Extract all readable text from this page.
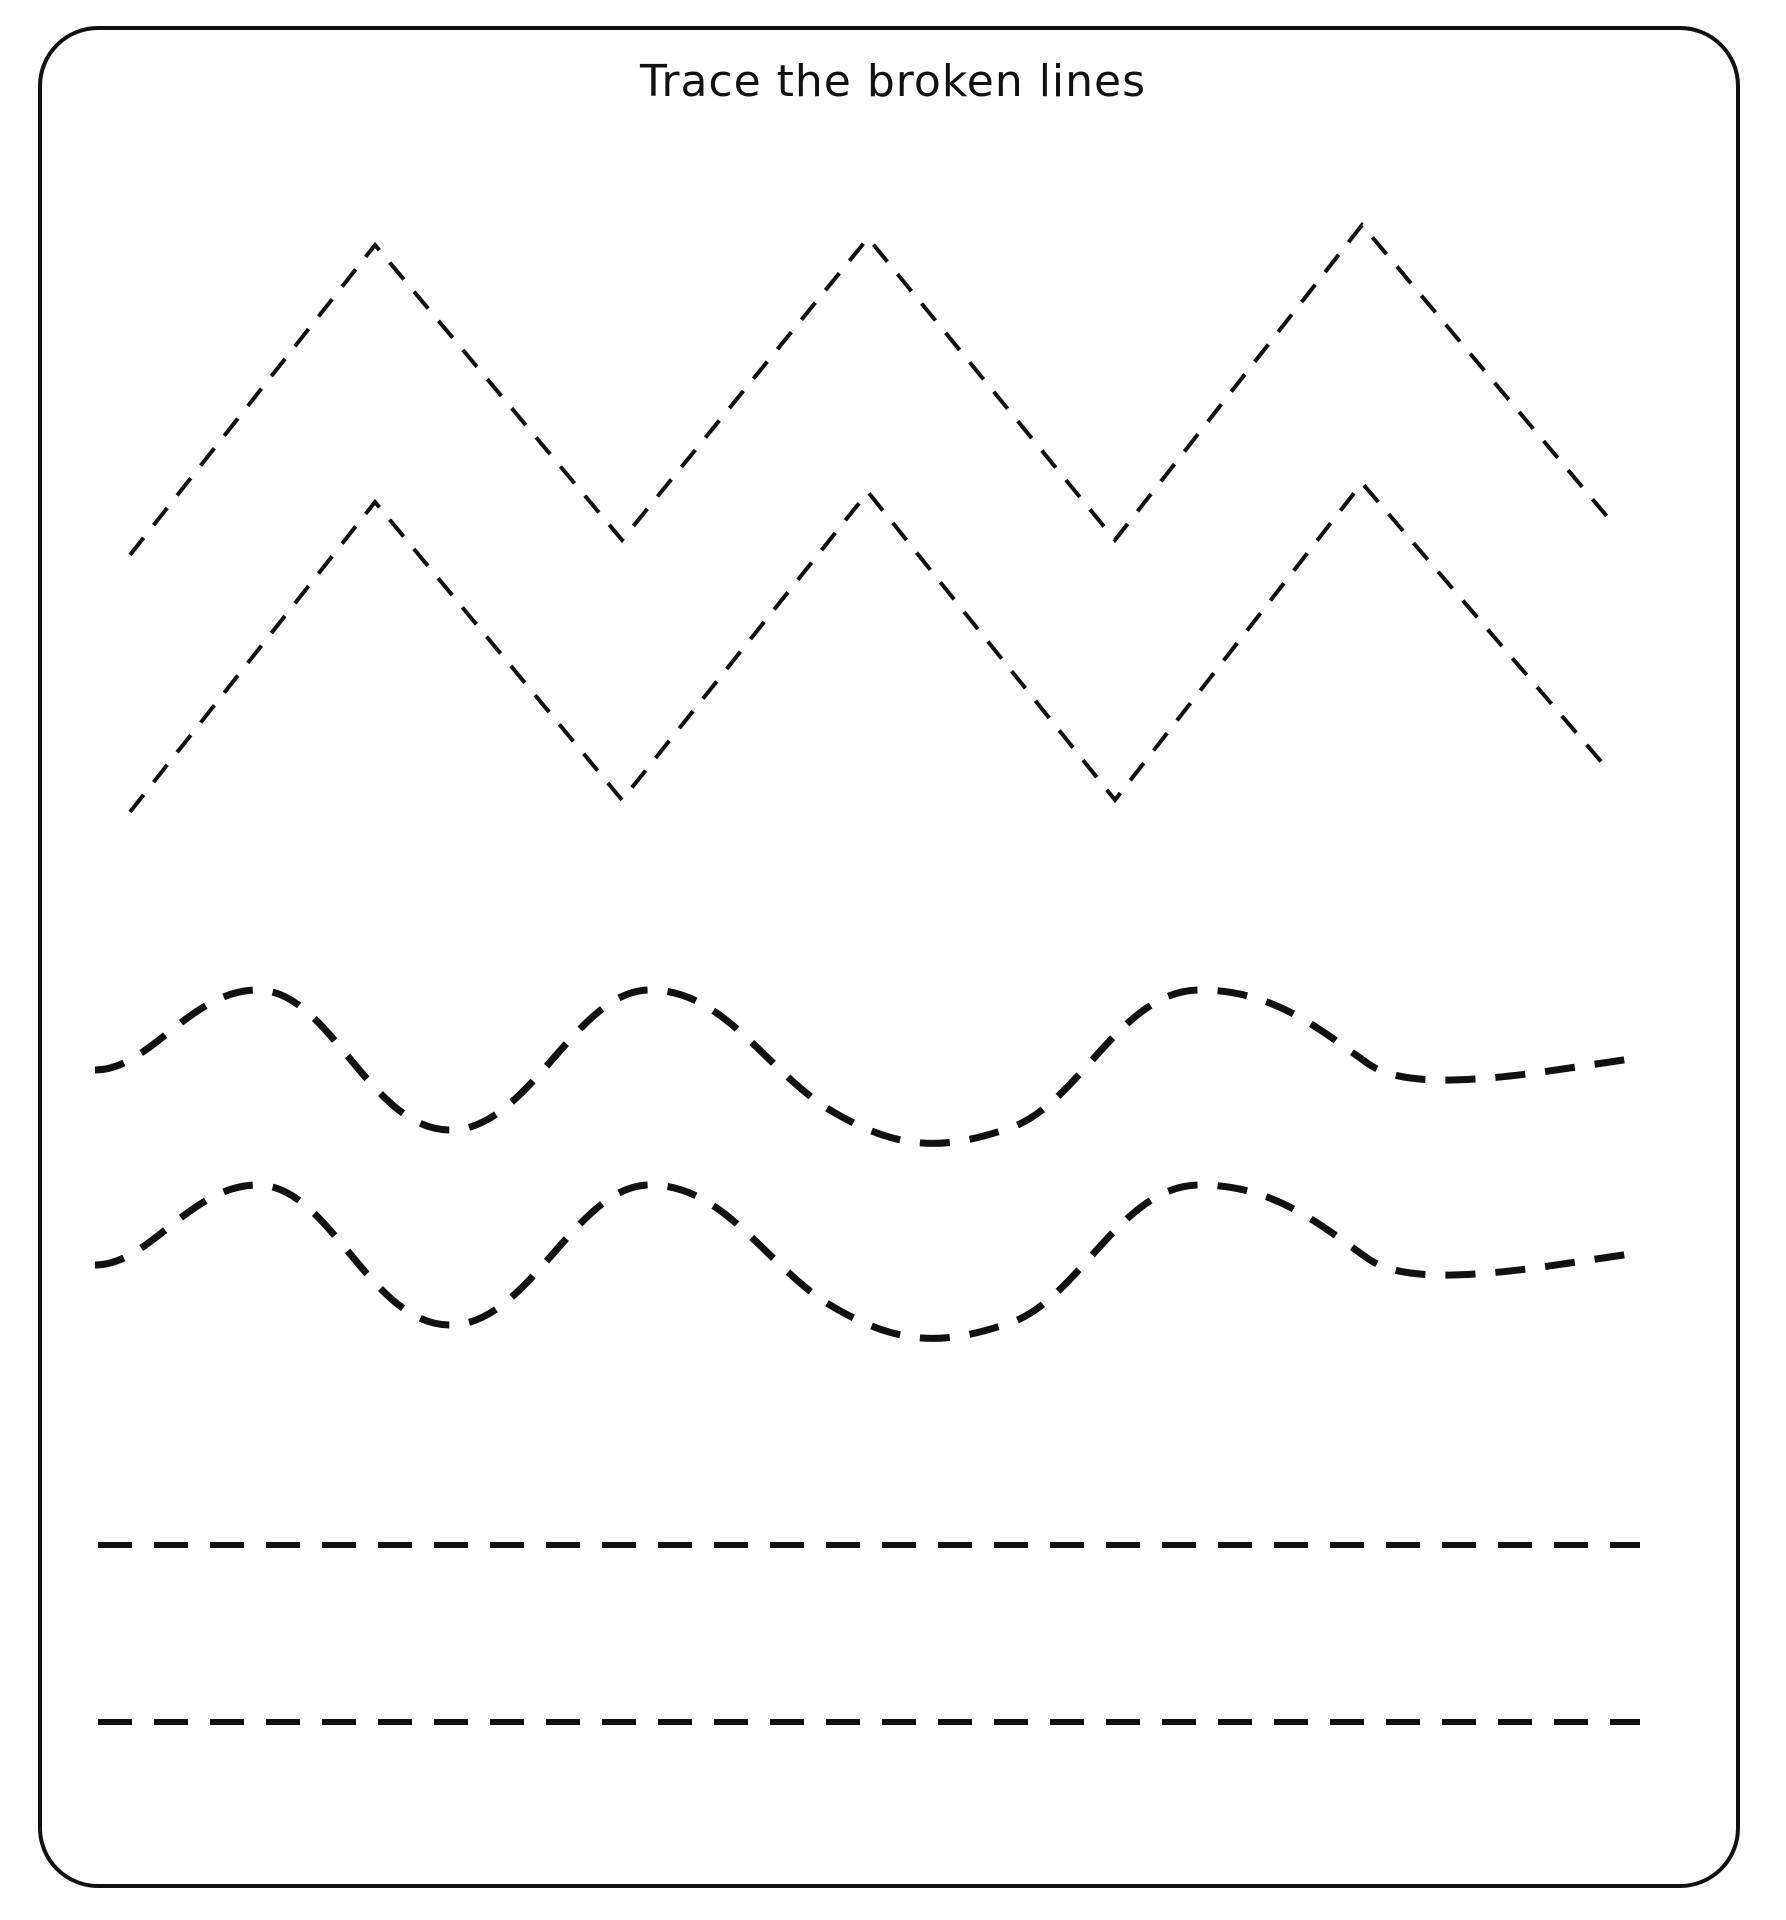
Trace the broken lines
